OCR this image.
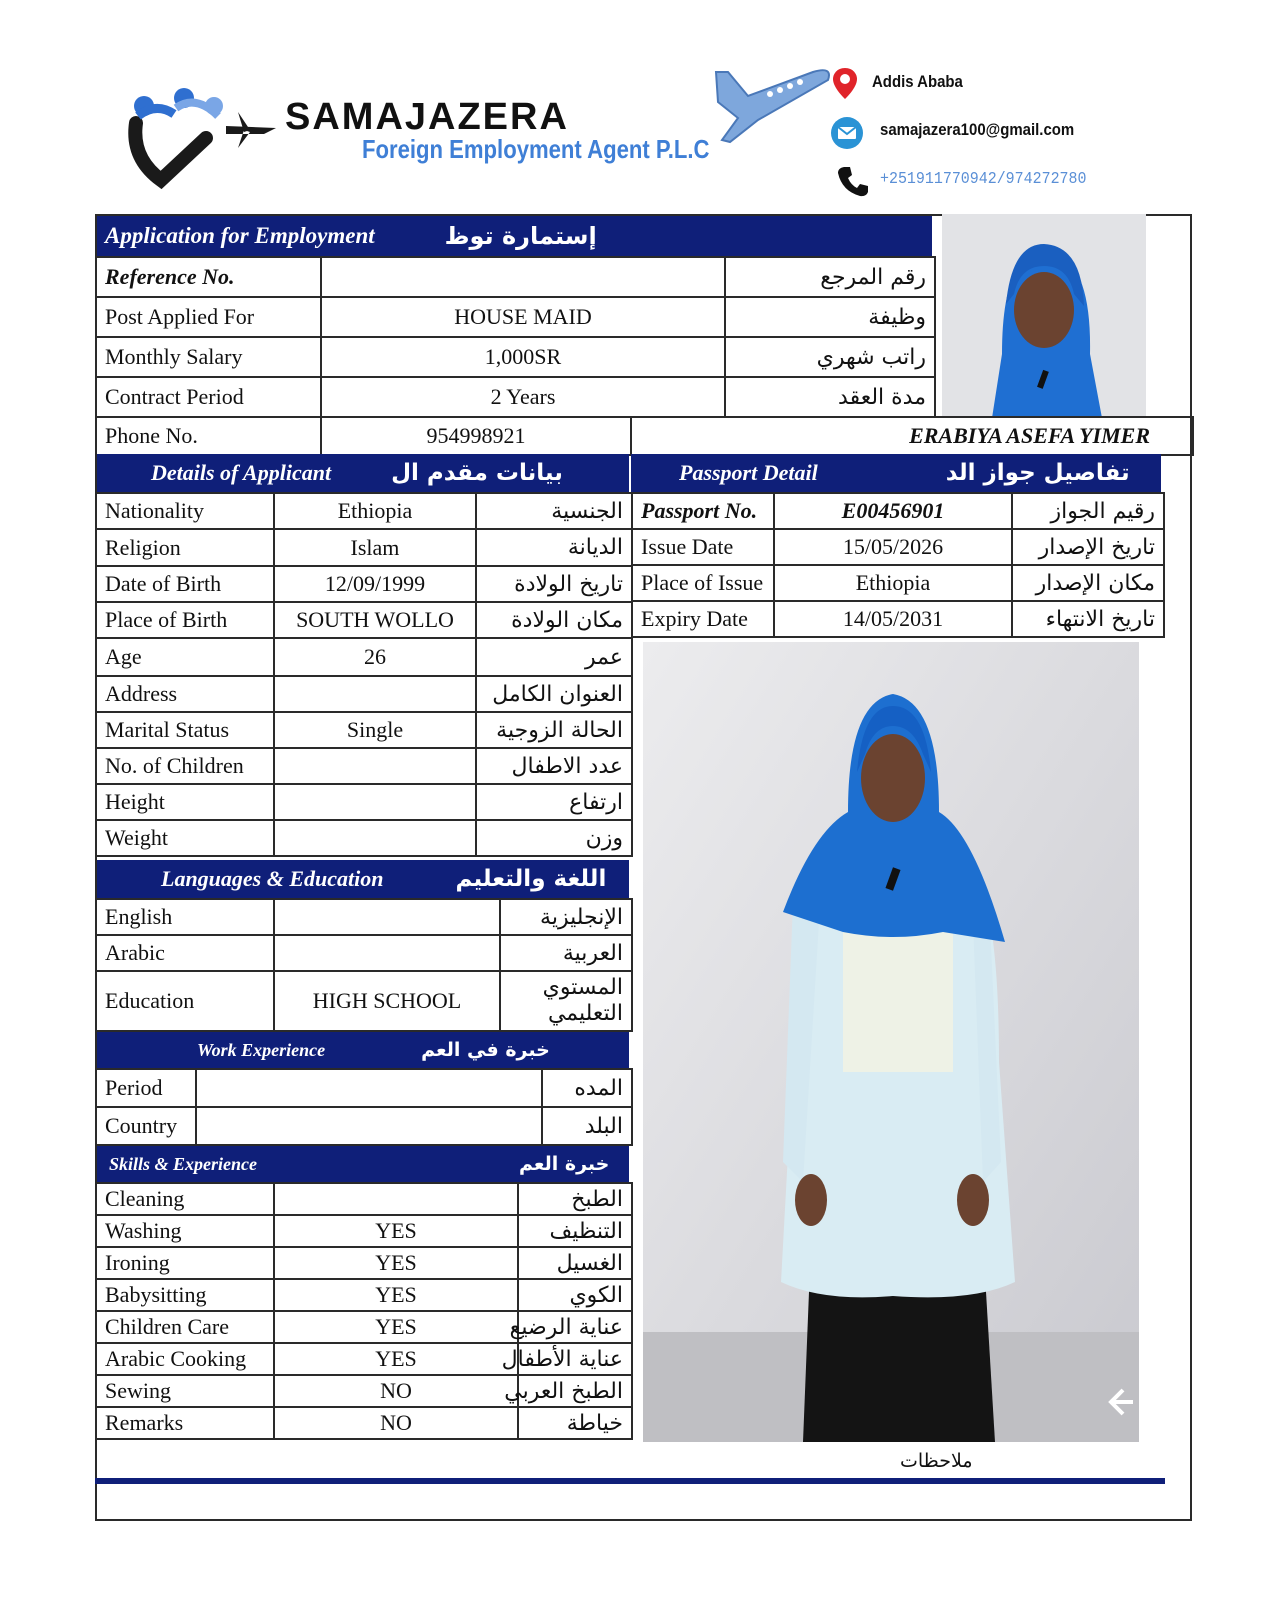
SAMAJAZERA
Foreign Employment Agent P.L.C
Addis Ababa
samajazera100@gmail.com
+251911770942/974272780
Application for Employment	إستمارة توظ
Reference No.		رقم المرجع
Post Applied For	HOUSE MAID	وظيفة
Monthly Salary	1,000SR	راتب شهري
Contract Period	2 Years	مدة العقد
Phone No.	954998921	ERABIYA ASEFA YIMER
Details of Applicant	بيانات مقدم ال
Nationality	Ethiopia	الجنسية
Religion	Islam	الديانة
Date of Birth	12/09/1999	تاريخ الولادة
Place of Birth	SOUTH WOLLO	مكان الولادة
Age	26	عمر
Address		العنوان الكامل
Marital Status	Single	الحالة الزوجية
No. of Children		عدد الاطفال
Height		ارتفاع
Weight		وزن
Passport Detail	تفاصيل جواز الد
Passport No.	E00456901	رقيم الجواز
Issue Date	15/05/2026	تاريخ الإصدار
Place of Issue	Ethiopia	مكان الإصدار
Expiry Date	14/05/2031	تاريخ الانتهاء
Languages & Education	اللغة والتعليم
English		الإنجليزية
Arabic		العربية
Education	HIGH SCHOOL	المستوي التعليمي
Work Experience	خبرة في العم
Period		المده
Country		البلد
Skills & Experience	خبرة العم
Cleaning		الطبخ
Washing	YES	التنظيف
Ironing	YES	الغسيل
Babysitting	YES	الكوي
Children Care	YES	عناية الرضيع
Arabic Cooking	YES	عناية الأطفال
Sewing	NO	الطبخ العربي
Remarks	NO	خياطة
ملاحظات
